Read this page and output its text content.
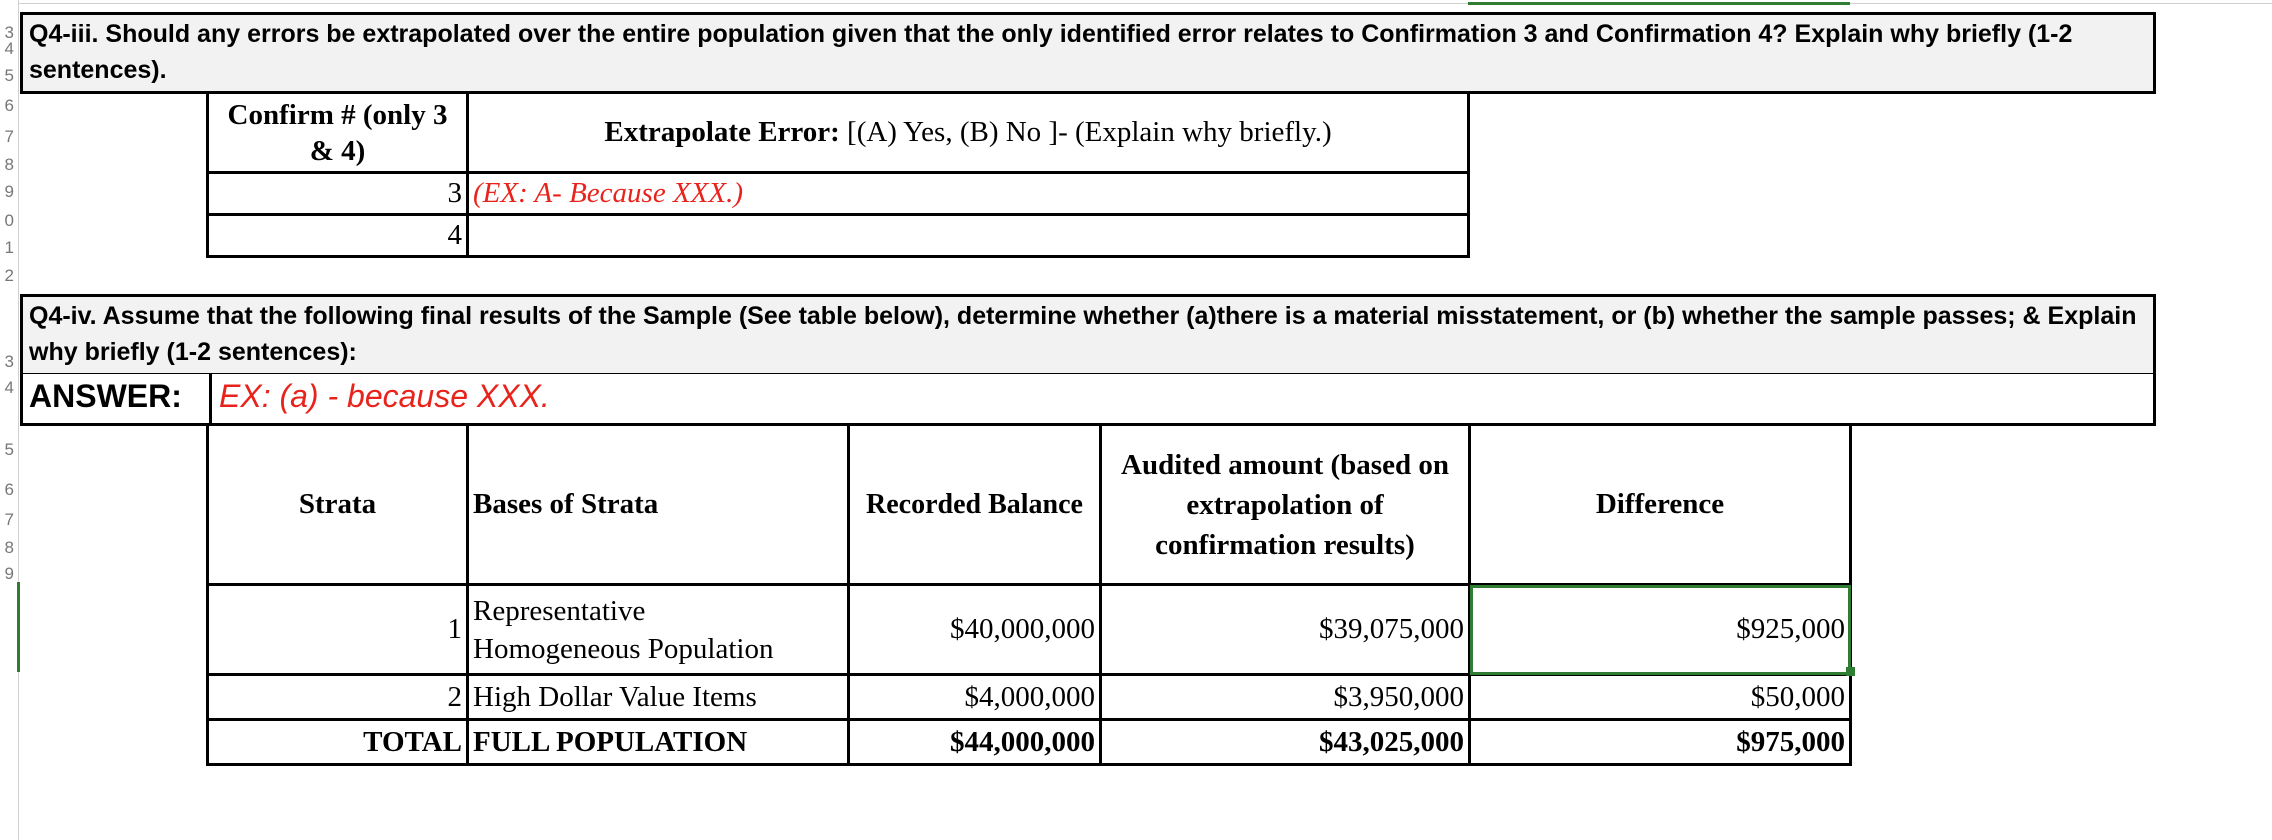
3
4
5
6
7
8
9
0
1
2
3
4
5
6
7
8
9
Q4-iii. Should any errors be extrapolated over the entire population given that the only identified error relates to Confirmation 3 and Confirmation 4? Explain why briefly (1-2
sentences).
Confirm # (only 3
& 4)	Extrapolate Error: [(A) Yes, (B) No ]- (Explain why briefly.)
3	(EX: A- Because XXX.)
4	
Q4-iv. Assume that the following final results of the Sample (See table below), determine whether (a)there is a material misstatement, or (b) whether the sample passes; & Explain
why briefly (1-2 sentences):
ANSWER: EX: (a) - because XXX.
Strata	Bases of Strata	Recorded Balance	Audited amount (based on
extrapolation of
confirmation results)	Difference
1	Representative
Homogeneous Population	$40,000,000	$39,075,000	$925,000
2	High Dollar Value Items	$4,000,000	$3,950,000	$50,000
TOTAL	FULL POPULATION	$44,000,000	$43,025,000	$975,000
